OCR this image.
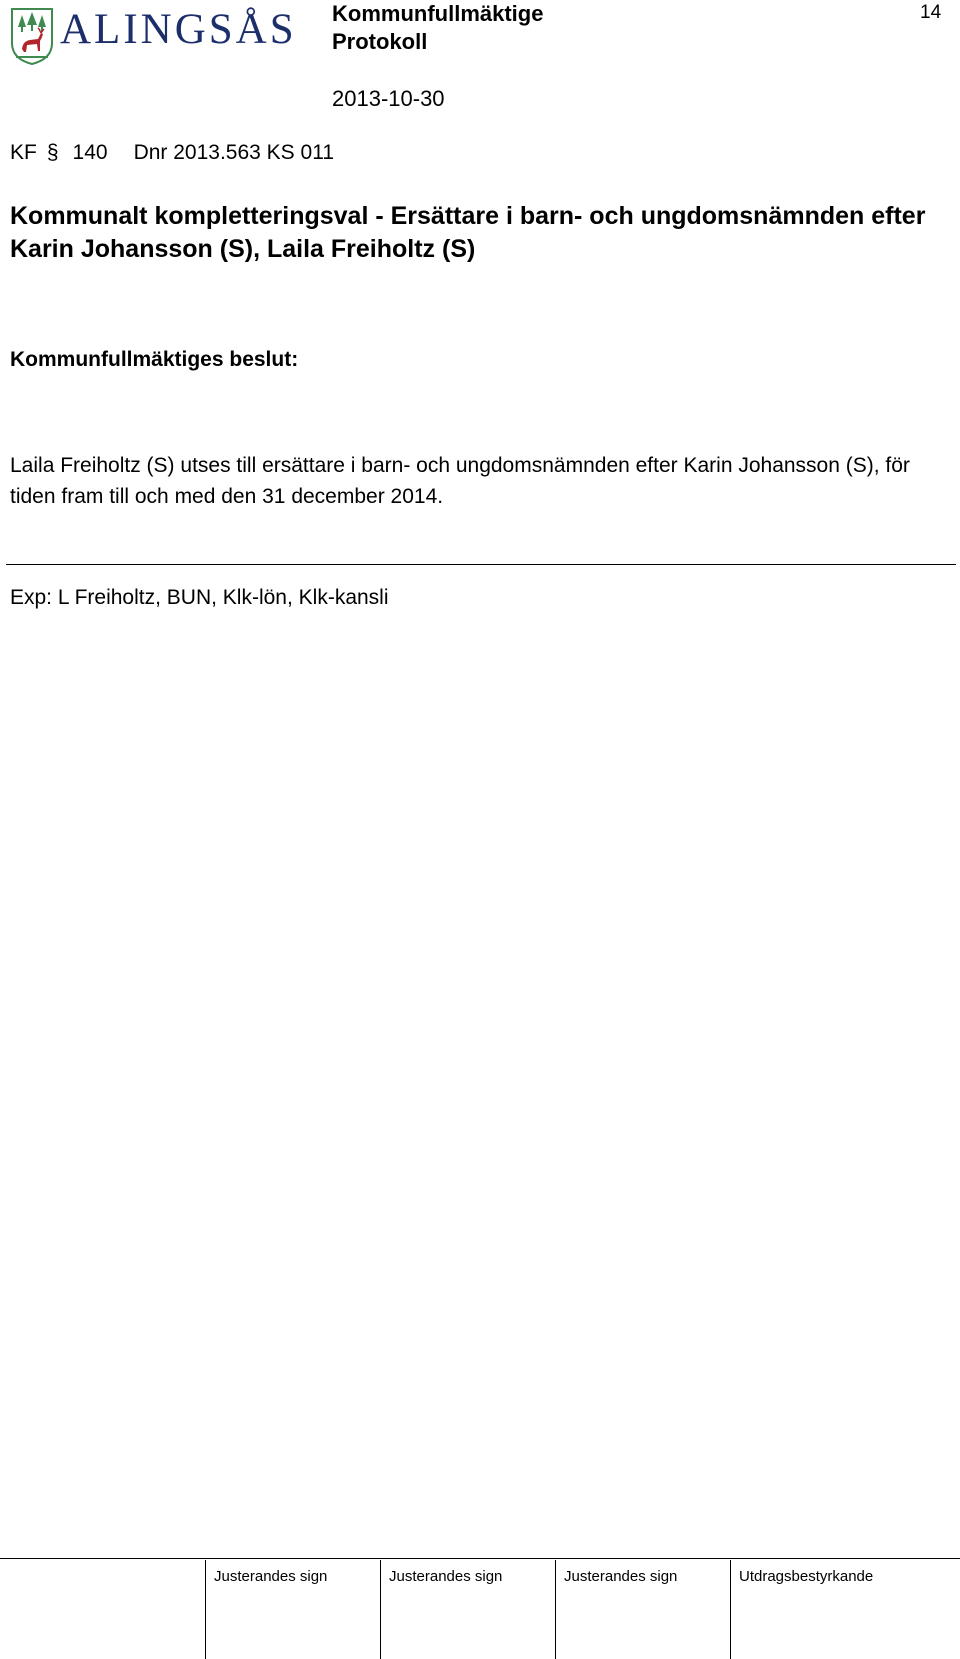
ALINGSÅS Kommunfullmäktige
Protokoll
14
2013-10-30
KF § 140 Dnr 2013.563 KS 011
Kommunalt kompletteringsval - Ersättare i barn- och ungdomsnämnden efter Karin Johansson (S), Laila Freiholtz (S)
Kommunfullmäktiges beslut:
Laila Freiholtz (S) utses till ersättare i barn- och ungdomsnämnden efter Karin Johansson (S), för tiden fram till och med den 31 december 2014.
Exp: L Freiholtz, BUN, Klk-lön, Klk-kansli
Justerandes sign	Justerandes sign	Justerandes sign	Utdragsbestyrkande
